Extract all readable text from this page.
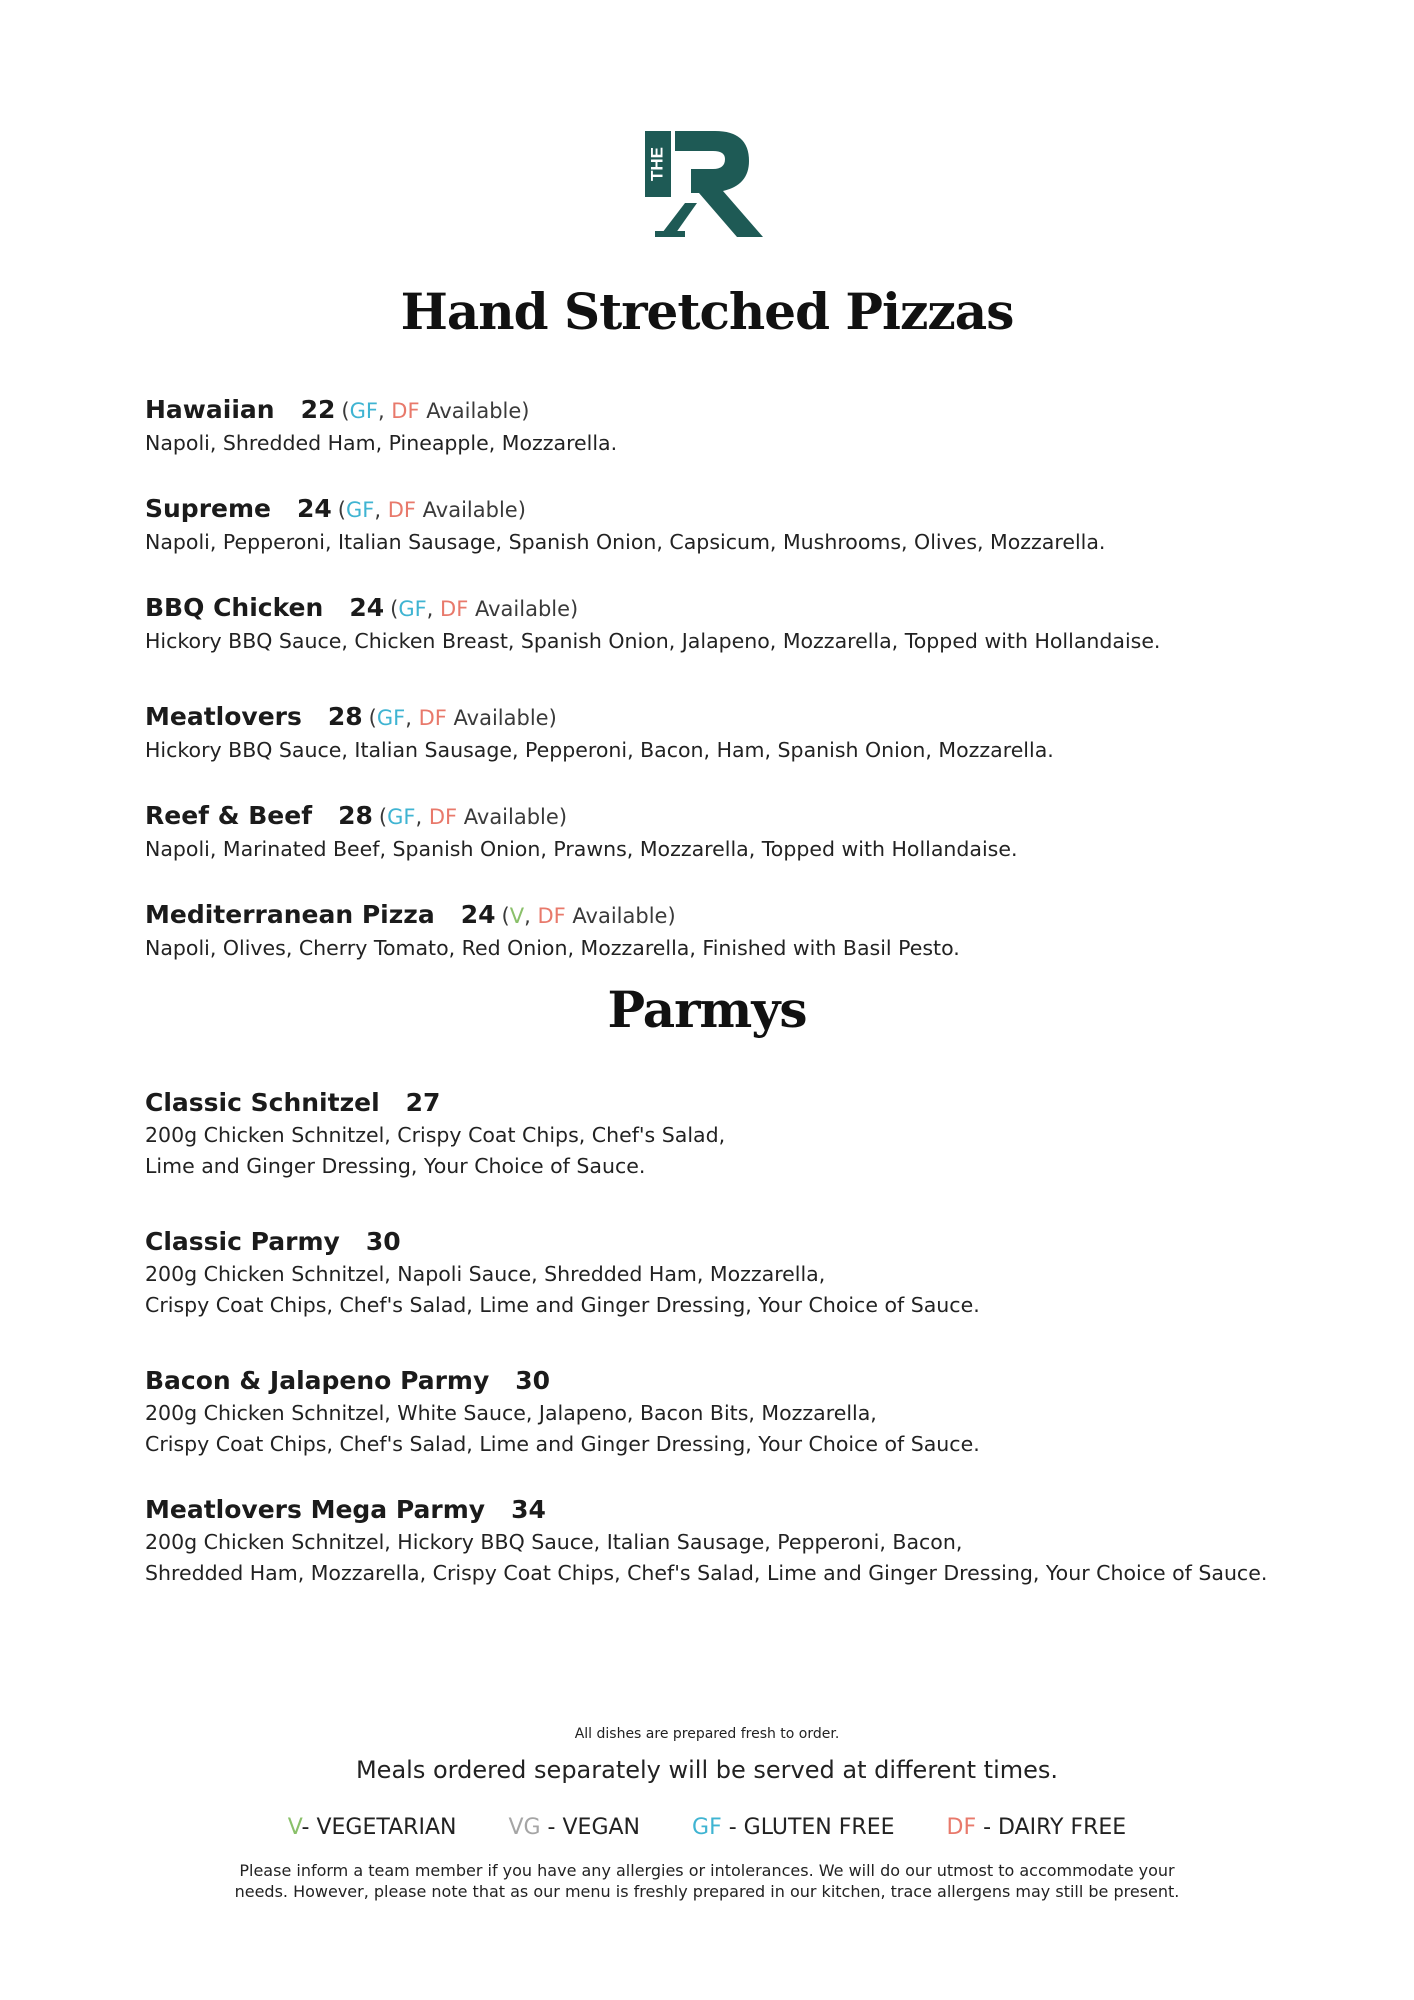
THE
Hand Stretched Pizzas
Hawaiian 22 (GF, DF Available)
Napoli, Shredded Ham, Pineapple, Mozzarella.
Supreme 24 (GF, DF Available)
Napoli, Pepperoni, Italian Sausage, Spanish Onion, Capsicum, Mushrooms, Olives, Mozzarella.
BBQ Chicken 24 (GF, DF Available)
Hickory BBQ Sauce, Chicken Breast, Spanish Onion, Jalapeno, Mozzarella, Topped with Hollandaise.
Meatlovers 28 (GF, DF Available)
Hickory BBQ Sauce, Italian Sausage, Pepperoni, Bacon, Ham, Spanish Onion, Mozzarella.
Reef & Beef 28 (GF, DF Available)
Napoli, Marinated Beef, Spanish Onion, Prawns, Mozzarella, Topped with Hollandaise.
Mediterranean Pizza 24 (V, DF Available)
Napoli, Olives, Cherry Tomato, Red Onion, Mozzarella, Finished with Basil Pesto.
Parmys
Classic Schnitzel 27
200g Chicken Schnitzel, Crispy Coat Chips, Chef's Salad,
Lime and Ginger Dressing, Your Choice of Sauce.
Classic Parmy 30
200g Chicken Schnitzel, Napoli Sauce, Shredded Ham, Mozzarella,
Crispy Coat Chips, Chef's Salad, Lime and Ginger Dressing, Your Choice of Sauce.
Bacon & Jalapeno Parmy 30
200g Chicken Schnitzel, White Sauce, Jalapeno, Bacon Bits, Mozzarella,
Crispy Coat Chips, Chef's Salad, Lime and Ginger Dressing, Your Choice of Sauce.
Meatlovers Mega Parmy 34
200g Chicken Schnitzel, Hickory BBQ Sauce, Italian Sausage, Pepperoni, Bacon,
Shredded Ham, Mozzarella, Crispy Coat Chips, Chef's Salad, Lime and Ginger Dressing, Your Choice of Sauce.
All dishes are prepared fresh to order.
Meals ordered separately will be served at different times.
V- VEGETARIAN VG - VEGAN GF - GLUTEN FREE DF - DAIRY FREE
Please inform a team member if you have any allergies or intolerances. We will do our utmost to accommodate your
needs. However, please note that as our menu is freshly prepared in our kitchen, trace allergens may still be present.
